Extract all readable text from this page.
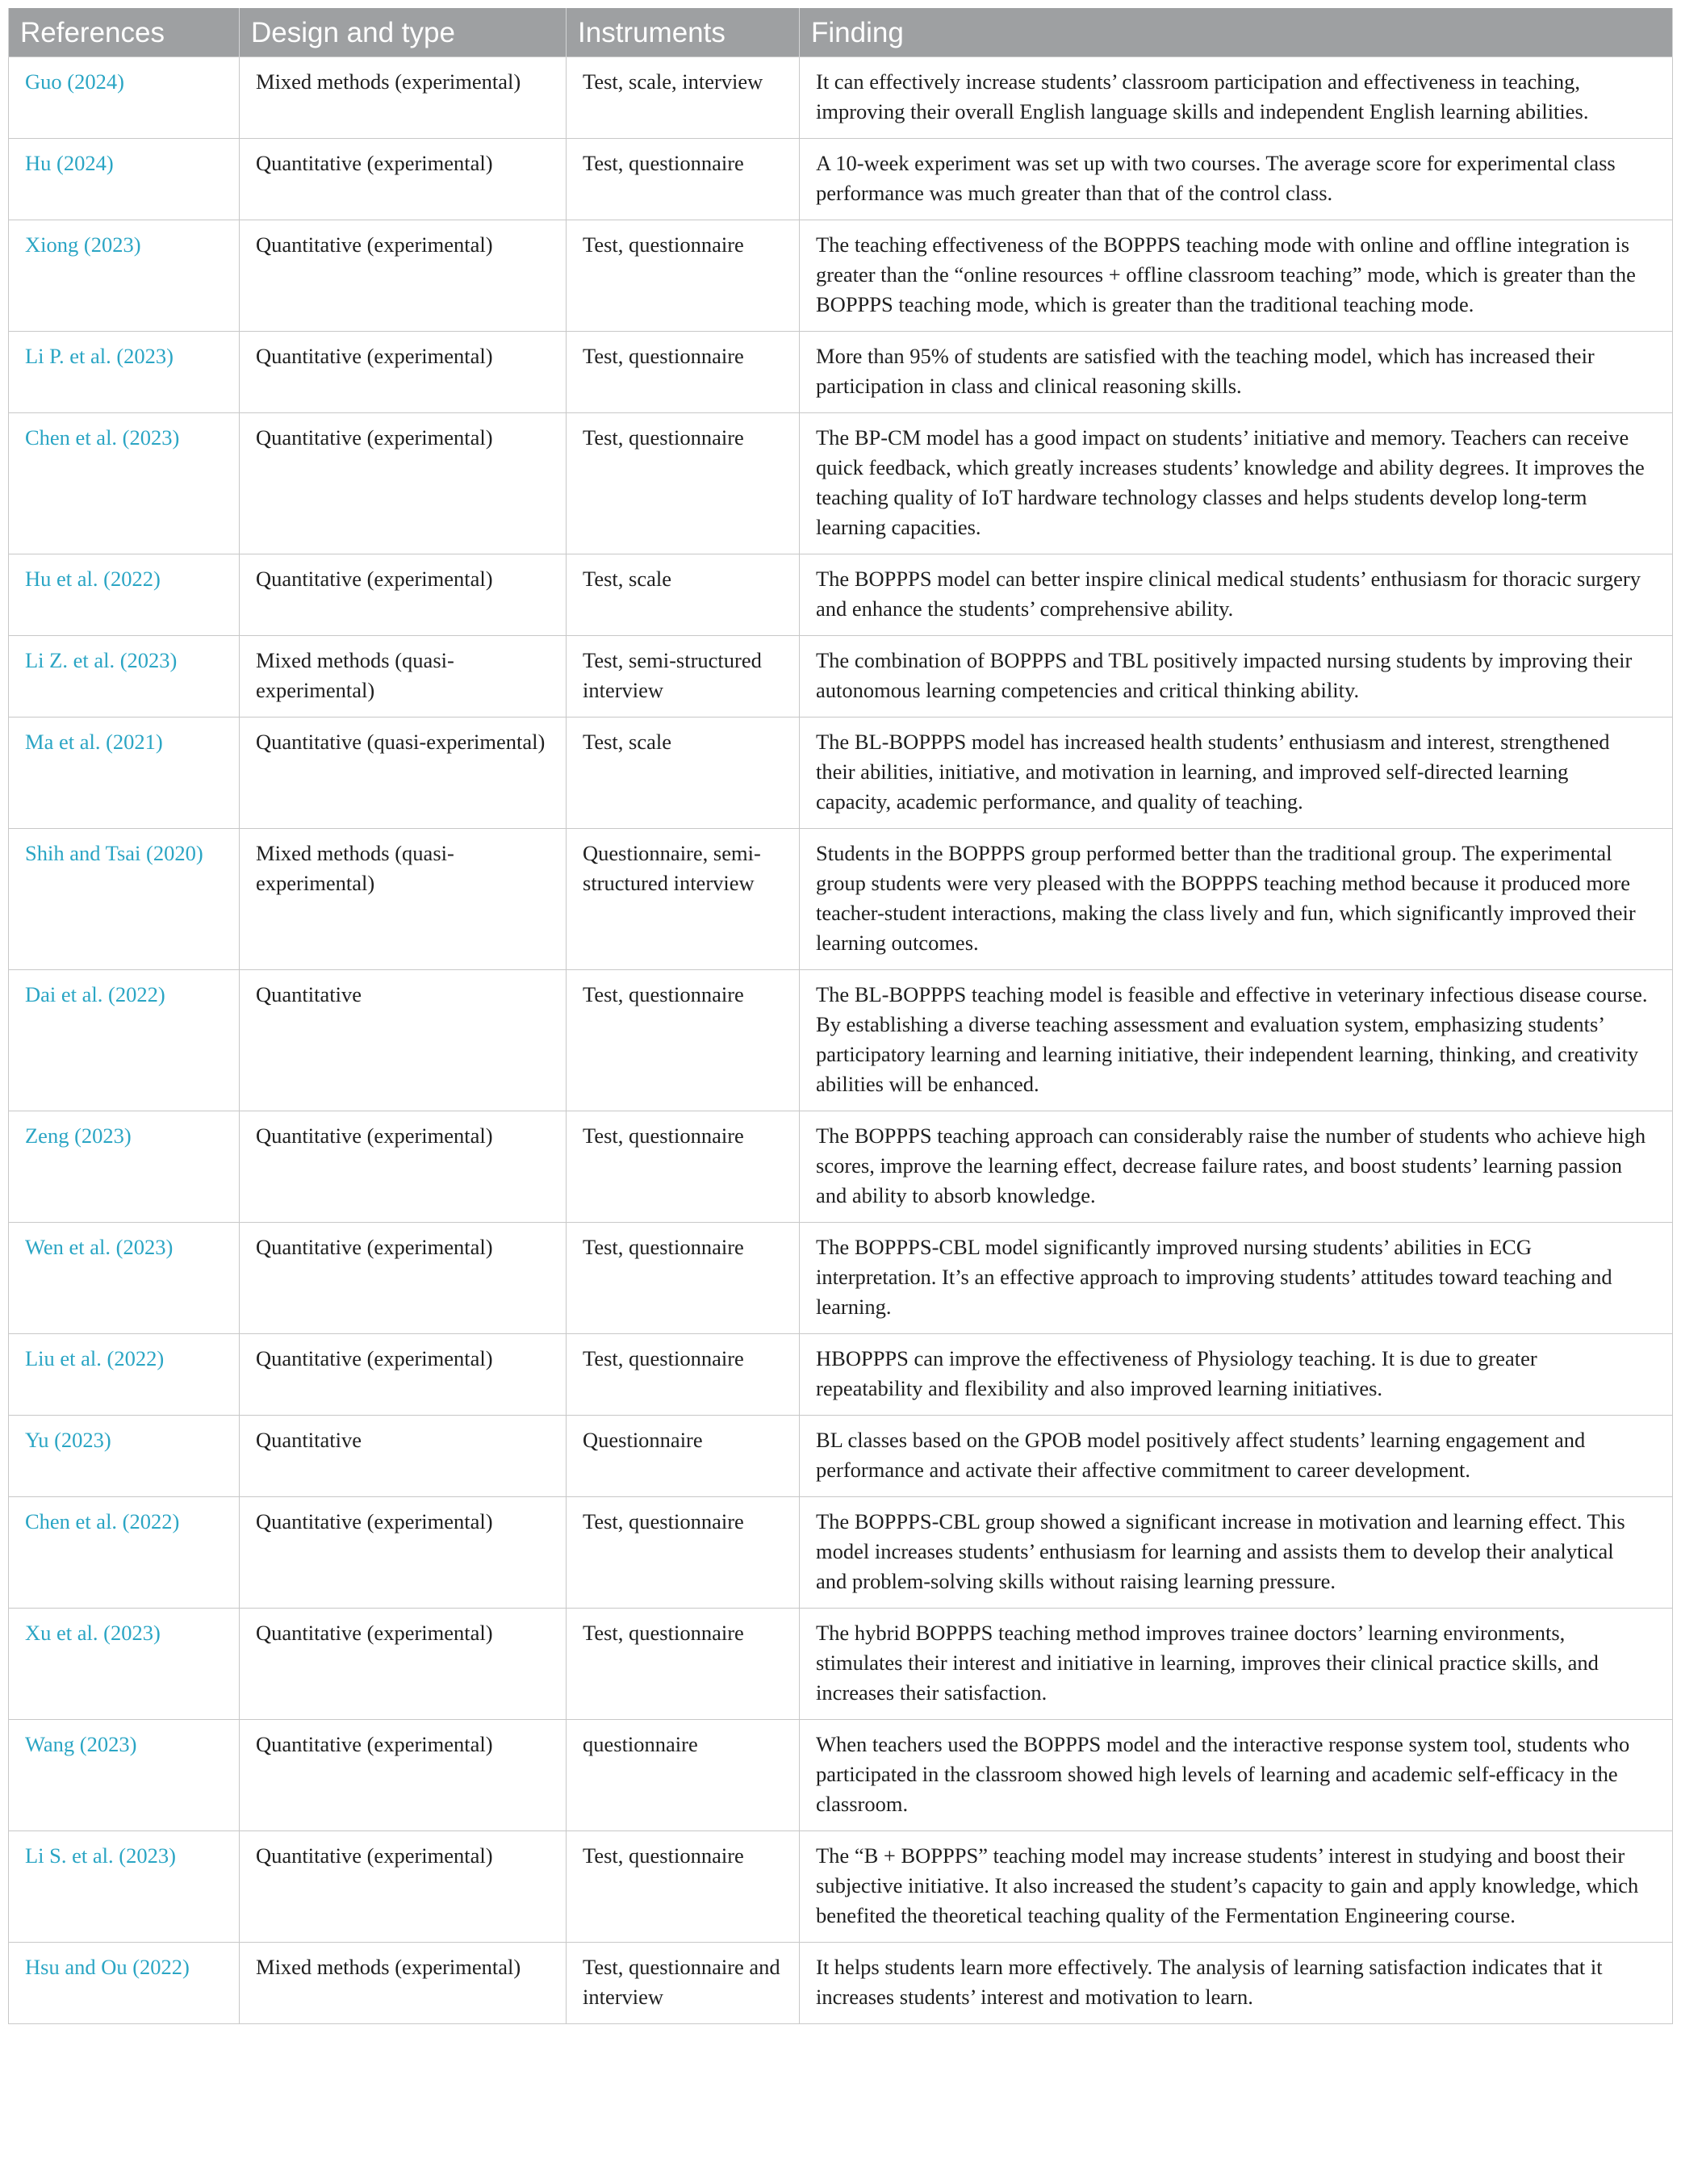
References	Design and type	Instruments	Finding
Guo (2024)	Mixed methods (experimental)	Test, scale, interview	It can effectively increase students’ classroom participation and effectiveness in teaching, improving their overall English language skills and independent English learning abilities.
Hu (2024)	Quantitative (experimental)	Test, questionnaire	A 10-week experiment was set up with two courses. The average score for experimental class performance was much greater than that of the control class.
Xiong (2023)	Quantitative (experimental)	Test, questionnaire	The teaching effectiveness of the BOPPPS teaching mode with online and offline integration is greater than the “online resources + offline classroom teaching” mode, which is greater than the BOPPPS teaching mode, which is greater than the traditional teaching mode.
Li P. et al. (2023)	Quantitative (experimental)	Test, questionnaire	More than 95% of students are satisfied with the teaching model, which has increased their participation in class and clinical reasoning skills.
Chen et al. (2023)	Quantitative (experimental)	Test, questionnaire	The BP-CM model has a good impact on students’ initiative and memory. Teachers can receive quick feedback, which greatly increases students’ knowledge and ability degrees. It improves the teaching quality of IoT hardware technology classes and helps students develop long-term learning capacities.
Hu et al. (2022)	Quantitative (experimental)	Test, scale	The BOPPPS model can better inspire clinical medical students’ enthusiasm for thoracic surgery and enhance the students’ comprehensive ability.
Li Z. et al. (2023)	Mixed methods (quasi-experimental)	Test, semi-structured interview	The combination of BOPPPS and TBL positively impacted nursing students by improving their autonomous learning competencies and critical thinking ability.
Ma et al. (2021)	Quantitative (quasi-experimental)	Test, scale	The BL-BOPPPS model has increased health students’ enthusiasm and interest, strengthened their abilities, initiative, and motivation in learning, and improved self-directed learning capacity, academic performance, and quality of teaching.
Shih and Tsai (2020)	Mixed methods (quasi-experimental)	Questionnaire, semi-structured interview	Students in the BOPPPS group performed better than the traditional group. The experimental group students were very pleased with the BOPPPS teaching method because it produced more teacher-student interactions, making the class lively and fun, which significantly improved their learning outcomes.
Dai et al. (2022)	Quantitative	Test, questionnaire	The BL-BOPPPS teaching model is feasible and effective in veterinary infectious disease course. By establishing a diverse teaching assessment and evaluation system, emphasizing students’ participatory learning and learning initiative, their independent learning, thinking, and creativity abilities will be enhanced.
Zeng (2023)	Quantitative (experimental)	Test, questionnaire	The BOPPPS teaching approach can considerably raise the number of students who achieve high scores, improve the learning effect, decrease failure rates, and boost students’ learning passion and ability to absorb knowledge.
Wen et al. (2023)	Quantitative (experimental)	Test, questionnaire	The BOPPPS-CBL model significantly improved nursing students’ abilities in ECG interpretation. It’s an effective approach to improving students’ attitudes toward teaching and learning.
Liu et al. (2022)	Quantitative (experimental)	Test, questionnaire	HBOPPPS can improve the effectiveness of Physiology teaching. It is due to greater repeatability and flexibility and also improved learning initiatives.
Yu (2023)	Quantitative	Questionnaire	BL classes based on the GPOB model positively affect students’ learning engagement and performance and activate their affective commitment to career development.
Chen et al. (2022)	Quantitative (experimental)	Test, questionnaire	The BOPPPS-CBL group showed a significant increase in motivation and learning effect. This model increases students’ enthusiasm for learning and assists them to develop their analytical and problem-solving skills without raising learning pressure.
Xu et al. (2023)	Quantitative (experimental)	Test, questionnaire	The hybrid BOPPPS teaching method improves trainee doctors’ learning environments, stimulates their interest and initiative in learning, improves their clinical practice skills, and increases their satisfaction.
Wang (2023)	Quantitative (experimental)	questionnaire	When teachers used the BOPPPS model and the interactive response system tool, students who participated in the classroom showed high levels of learning and academic self-efficacy in the classroom.
Li S. et al. (2023)	Quantitative (experimental)	Test, questionnaire	The “B + BOPPPS” teaching model may increase students’ interest in studying and boost their subjective initiative. It also increased the student’s capacity to gain and apply knowledge, which benefited the theoretical teaching quality of the Fermentation Engineering course.
Hsu and Ou (2022)	Mixed methods (experimental)	Test, questionnaire and interview	It helps students learn more effectively. The analysis of learning satisfaction indicates that it increases students’ interest and motivation to learn.
